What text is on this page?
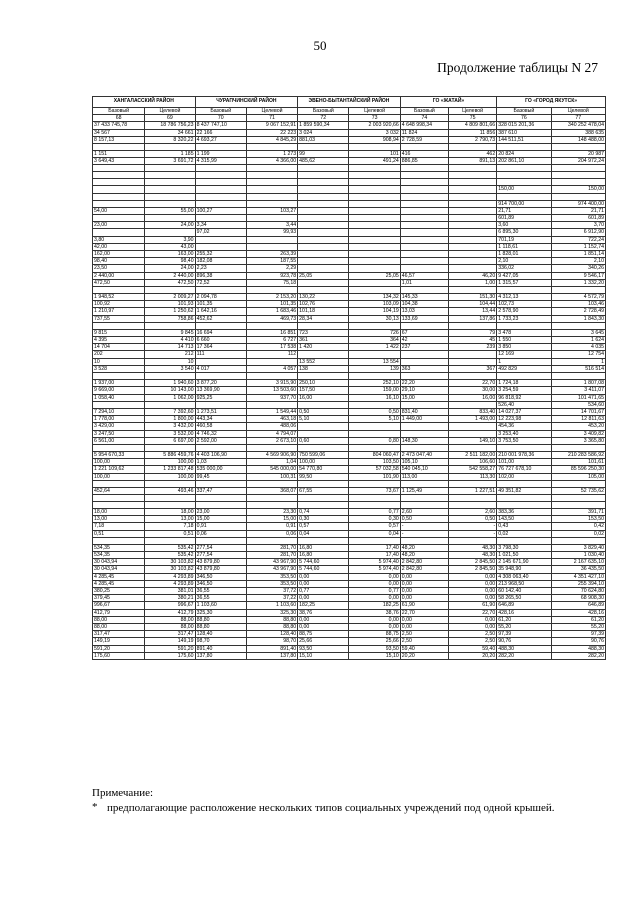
50
Продолжение таблицы N 27
ХАНГАЛАССКИЙ РАЙОН		ЧУРАПЧИНСКИЙ РАЙОН		ЭВЕНО-БЫТАНТАЙСКИЙ РАЙОН		ГО «ЖАТАЙ»		ГО «ГОРОД ЯКУТСК»	
Базовый	Целевой	Базовый	Целевой	Базовый	Целевой	Базовый	Целевой	Базовый	Целевой
68	69	70	71	72	73	74	75	76	77
37 433 745,78	18 786 756,23	8 437 747,10	9 067 152,91	1 859 590,34	2 003 920,66	4 648 998,34	4 809 801,66	328 015 201,36	340 252 478,04
34 567	34 661	22 166	22 223	3 024	3 032	11 824	11 856	387 610	388 635
8 157,13	8 320,22	4 693,27	4 845,29	881,03	908,94	2 728,59	2 790,73	144 511,51	148 488,00

1 151	1 185	1 199	1 273	99	101	416	462	20 824	20 987
3 649,43	3 691,72	4 315,99	4 366,00	485,62	491,24	886,85	891,13	202 861,10	204 972,24

								150,00	150,00

								914 700,00	974 400,00
54,00	55,00	100,27	103,27					21,71	21,71
								601,89	601,89
23,00	24,00	3,34	3,44					3,60	3,70
		97,02	99,93					6 895,30	6 912,90
3,80	3,90							701,19	722,24
42,00	43,00							1 118,61	1 152,74
162,00	163,00	255,32	263,39					1 828,01	1 851,14
98,40	98,40	182,08	187,55					2,10	2,10
23,50	24,00	2,23	2,29					336,02	340,26
2 440,00	2 440,00	896,38	923,78	25,05	25,05	46,57	46,20	9 427,05	9 546,17
472,50	472,50	72,52	75,18			1,01	1,00	1 315,57	1 332,20

1 948,52	2 009,27	2 094,78	2 153,20	130,22	134,32	145,33	151,30	4 312,13	4 572,79
100,92	101,93	101,35	101,35	102,76	103,09	104,38	104,44	102,73	103,46
1 210,97	1 250,62	1 642,16	1 683,46	101,18	104,19	13,03	13,44	2 578,90	2 728,49
737,55	758,86	452,62	469,73	28,34	30,13	133,69	137,86	1 733,23	1 843,30

9 815	9 845	16 694	16 851	723	726	67	79	3 478	3 645
4 395	4 410	6 660	6 727	361	364	42	45	1 550	1 624
14 704	14 713	17 364	17 538	1 420	1 422	237	239	3 850	4 035
202	212	111	112					12 169	12 754
10	10			13 552	13 554			1	1
3 528	3 540	4 017	4 057	138	139	363	367	492 829	516 514

1 937,00	1 940,60	3 877,20	3 915,90	250,10	252,10	22,20	22,70	1 724,18	1 807,08
9 669,00	10 143,00	13 369,90	13 503,60	157,50	159,00	29,10	30,00	3 254,59	3 411,07
1 058,40	1 062,00	925,25	937,70	16,00	16,10	15,00	16,00	96 818,92	101 471,65
								526,40	534,60
7 294,10	7 392,60	1 273,51	1 549,44	0,50	0,50	831,40	833,40	14 027,37	14 701,67
1 778,00	1 800,00	443,34	463,18	5,10	5,10	1 449,00	1 493,00	12 223,98	12 811,63
3 429,00	3 432,00	460,58	488,06					454,36	453,20
3 247,50	3 532,00	4 746,32	4 794,07					3 253,40	3 409,82
6 561,00	6 697,00	2 592,00	2 673,10	0,60	0,80	148,30	149,10	3 753,50	3 365,80

5 954 670,33	5 886 459,76	4 403 106,90	4 569 906,90	750 599,06	804 060,47	2 473 047,40	2 511 182,00	210 001 978,36	210 283 586,92
100,00	100,00	1,03	1,04	100,00	103,50	105,10	106,60	101,00	101,61
1 221 109,62	1 233 817,48	535 000,00	545 000,00	54 770,80	57 032,58	540 045,10	542 558,27	76 727 678,10	85 596 250,30
100,00	100,00	99,45	100,31	99,50	101,90	113,00	113,30	102,00	105,00

452,64	493,46	337,47	368,07	67,55	73,67	1 125,49	1 227,51	49 351,82	52 735,62

18,00	18,00	23,00	23,30	0,74	0,77	2,60	2,60	383,36	391,71
13,00	13,00	15,00	15,00	0,30	0,30	0,50	0,50	143,50	153,50
7,18	7,18	0,91	0,91	0,57	0,57	-	-	0,43	0,42
0,51	0,51	0,06	0,06	0,04	0,04	-	-	0,02	0,02

534,35	535,42	277,54	281,70	16,80	17,40	48,20	48,30	3 798,30	3 829,40
534,35	535,42	277,54	281,70	16,80	17,40	48,20	48,30	1 021,50	1 030,40
30 043,94	30 103,82	43 879,80	43 967,90	5 744,60	5 974,40	2 842,80	2 845,50	2 145 671,90	2 167 635,10
30 043,94	30 103,82	43 879,80	43 967,90	5 744,60	5 974,40	2 842,80	2 845,50	35 948,90	36 435,50
4 285,45	4 293,89	346,50	353,50	0,00	0,00	0,00	0,00	4 308 063,40	4 351 427,10
4 285,45	4 293,89	346,50	353,50	0,00	0,00	0,00	0,00	213 968,50	255 394,10
380,25	381,01	36,55	37,72	0,77	0,77	0,00	0,00	60 142,40	70 624,80
379,45	380,21	36,55	37,22	0,00	0,00	0,00	0,00	58 265,50	68 908,30
996,67	996,67	1 103,60	1 103,60	182,25	182,25	61,90	61,90	646,89	646,89
412,79	412,79	325,30	325,30	38,76	38,76	22,70	22,70	428,16	428,16
88,00	88,00	88,80	88,80	0,00	0,00	0,00	0,00	61,20	61,20
88,00	88,00	88,80	88,80	0,00	0,00	0,00	0,00	55,20	55,20
317,47	317,47	128,40	128,40	88,75	88,75	2,50	2,50	97,39	97,39
149,19	149,19	98,70	98,70	25,66	25,66	2,50	2,50	90,76	90,76
591,20	591,20	891,40	891,40	93,50	93,50	59,40	59,40	488,30	488,30
175,60	175,60	137,80	137,80	15,10	15,10	20,20	20,20	282,20	282,20
Примечание:
* предполагающие расположение нескольких типов социальных учреждений под одной крышей.
